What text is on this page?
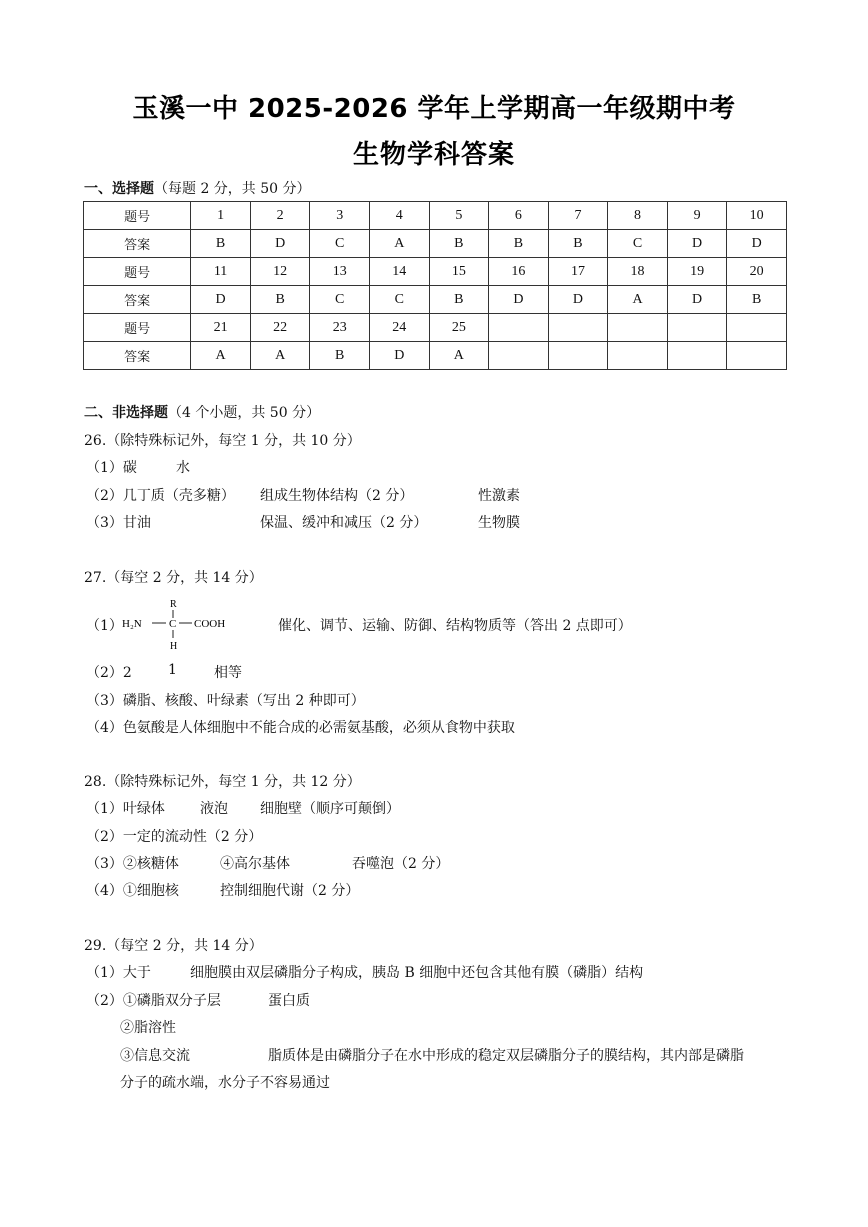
玉溪一中 2025-2026 学年上学期高一年级期中考
生物学科答案
一、选择题（每题 2 分，共 50 分）
题号	1	2	3	4	5	6	7	8	9	10
答案	B	D	C	A	B	B	B	C	D	D
题号	11	12	13	14	15	16	17	18	19	20
答案	D	B	C	C	B	D	D	A	D	B
题号	21	22	23	24	25					
答案	A	A	B	D	A					
二、非选择题（4 个小题，共 50 分）
26.（除特殊标记外，每空 1 分，共 10 分）
（1）碳	水
（2）几丁质（壳多糖） 组成生物体结构（2 分）	性激素
（3）甘油	保温、缓冲和减压（2 分）	生物膜
27.（每空 2 分，共 14 分）
（1）
R
H₂N C COOH
H
催化、调节、运输、防御、结构物质等（答出 2 点即可）
（2）2	1	相等
（3）磷脂、核酸、叶绿素（写出 2 种即可）
（4）色氨酸是人体细胞中不能合成的必需氨基酸，必须从食物中获取
28.（除特殊标记外，每空 1 分，共 12 分）
（1）叶绿体	液泡 细胞壁（顺序可颠倒）
（2）一定的流动性（2 分）
（3）②核糖体	④高尔基体	吞噬泡（2 分）
（4）①细胞核	控制细胞代谢（2 分）
29.（每空 2 分，共 14 分）
（1）大于	细胞膜由双层磷脂分子构成，胰岛 B 细胞中还包含其他有膜（磷脂）结构
（2）①磷脂双分子层	蛋白质
②脂溶性
③信息交流	脂质体是由磷脂分子在水中形成的稳定双层磷脂分子的膜结构，其内部是磷脂
分子的疏水端，水分子不容易通过
